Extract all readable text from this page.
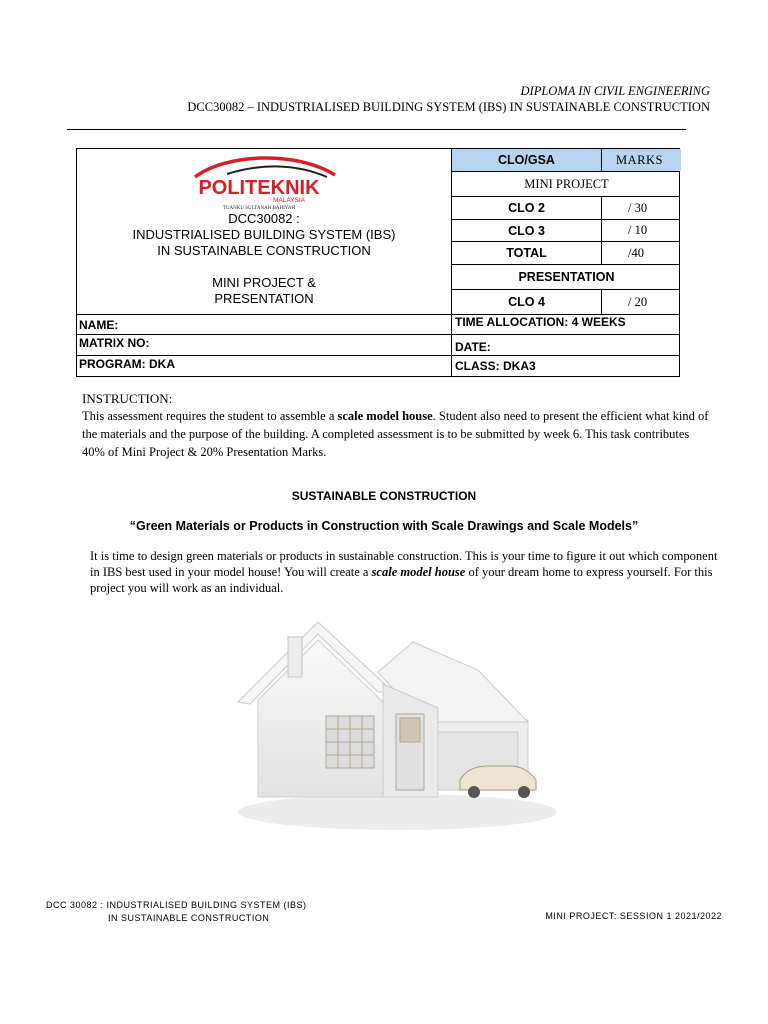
DIPLOMA IN CIVIL ENGINEERING
DCC30082 – INDUSTRIALISED BUILDING SYSTEM (IBS) IN SUSTAINABLE CONSTRUCTION
POLITEKNIK
MALAYSIA
TUANKU SULTANAH BAHIYAH
DCC30082 :
INDUSTRIALISED BUILDING SYSTEM (IBS)
IN SUSTAINABLE CONSTRUCTION
MINI PROJECT &
PRESENTATION
CLO/GSA	MARKS
MINI PROJECT
CLO 2	/ 30
CLO 3	/ 10
TOTAL	/40
PRESENTATION
CLO 4	/ 20
NAME:	TIME ALLOCATION: 4 WEEKS
MATRIX NO:	DATE:
PROGRAM: DKA	CLASS: DKA3
INSTRUCTION:
This assessment requires the student to assemble a scale model house. Student also need to present the efficient what kind of the materials and the purpose of the building. A completed assessment is to be submitted by week 6. This task contributes 40% of Mini Project & 20% Presentation Marks.
SUSTAINABLE CONSTRUCTION
“Green Materials or Products in Construction with Scale Drawings and Scale Models”
It is time to design green materials or products in sustainable construction. This is your time to figure it out which component in IBS best used in your model house! You will create a scale model house of your dream home to express yourself. For this project you will work as an individual.
DCC 30082 : INDUSTRIALISED BUILDING SYSTEM (IBS)
IN SUSTAINABLE CONSTRUCTION	MINI PROJECT: SESSION 1 2021/2022
